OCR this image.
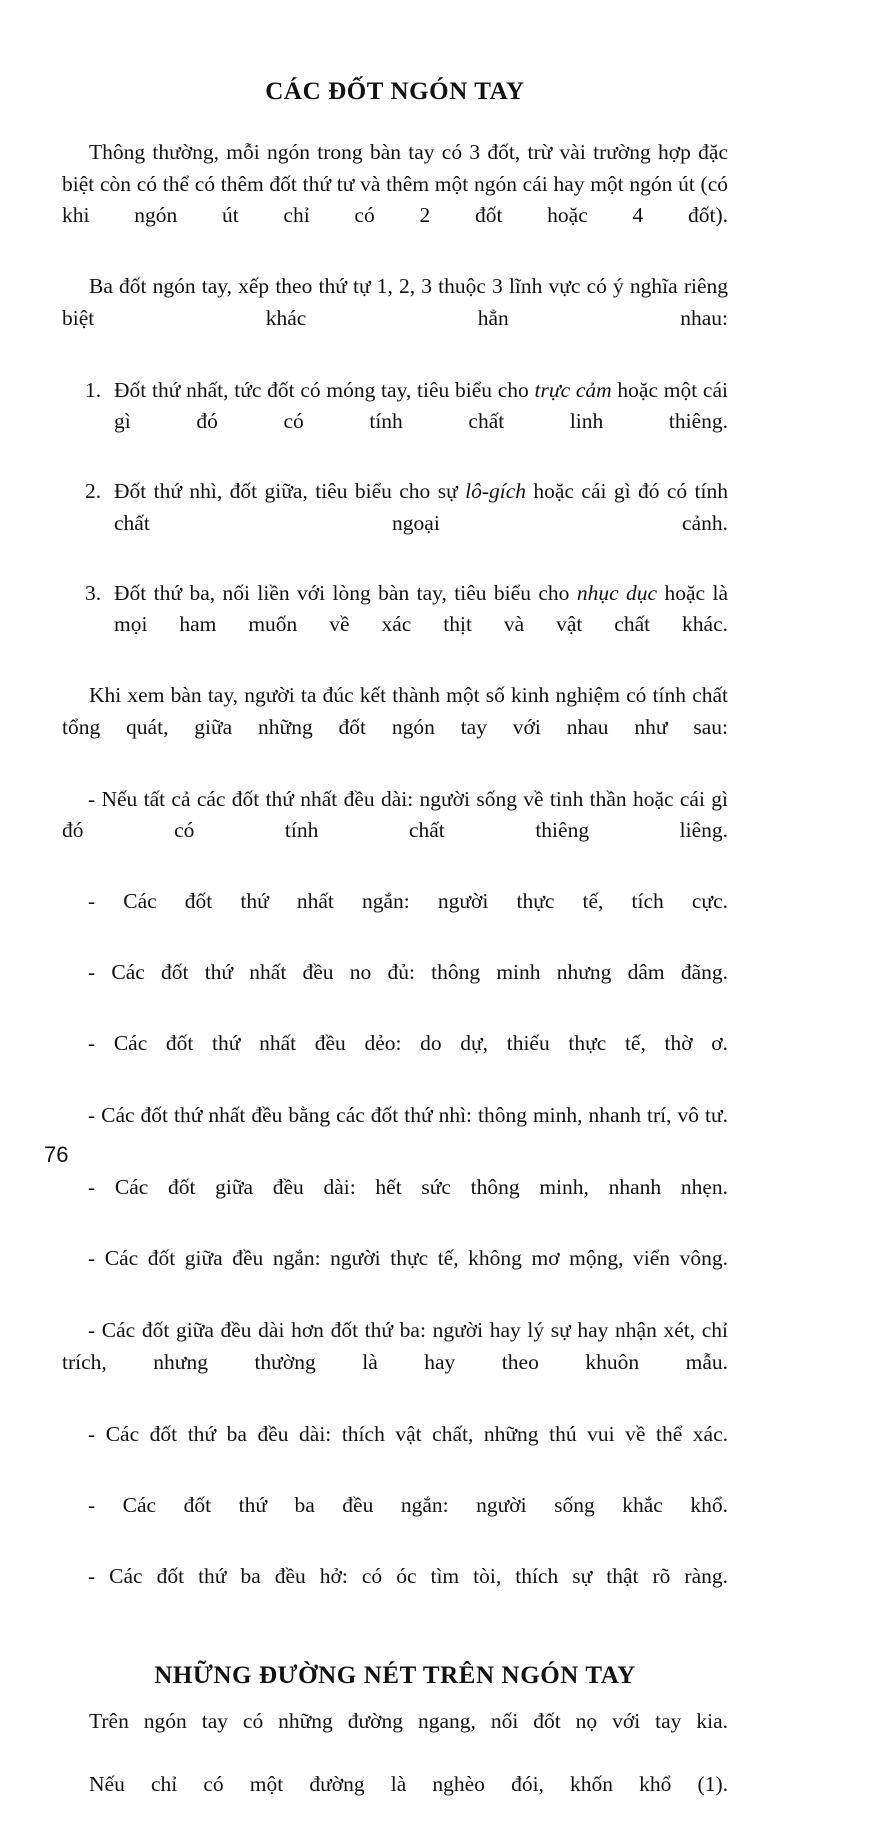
CÁC ĐỐT NGÓN TAY

Thông thường, mỗi ngón trong bàn tay có 3 đốt, trừ vài trường hợp đặc biệt còn có thể có thêm đốt thứ tư và thêm một ngón cái hay một ngón út (có khi ngón út chỉ có 2 đốt hoặc 4 đốt).

Ba đốt ngón tay, xếp theo thứ tự 1, 2, 3 thuộc 3 lĩnh vực có ý nghĩa riêng biệt khác hẳn nhau:

1. Đốt thứ nhất, tức đốt có móng tay, tiêu biểu cho trực cảm hoặc một cái gì đó có tính chất linh thiêng.
2. Đốt thứ nhì, đốt giữa, tiêu biểu cho sự lô-gích hoặc cái gì đó có tính chất ngoại cảnh.
3. Đốt thứ ba, nối liền với lòng bàn tay, tiêu biểu cho nhục dục hoặc là mọi ham muốn về xác thịt và vật chất khác.

Khi xem bàn tay, người ta đúc kết thành một số kinh nghiệm có tính chất tổng quát, giữa những đốt ngón tay với nhau như sau:

- Nếu tất cả các đốt thứ nhất đều dài: người sống về tinh thần hoặc cái gì đó có tính chất thiêng liêng.
- Các đốt thứ nhất ngắn: người thực tế, tích cực.
- Các đốt thứ nhất đều no đủ: thông minh nhưng dâm đãng.
- Các đốt thứ nhất đều dẻo: do dự, thiếu thực tế, thờ ơ.
- Các đốt thứ nhất đều bằng các đốt thứ nhì: thông minh, nhanh trí, vô tư.
- Các đốt giữa đều dài: hết sức thông minh, nhanh nhẹn.
- Các đốt giữa đều ngắn: người thực tế, không mơ mộng, viển vông.
- Các đốt giữa đều dài hơn đốt thứ ba: người hay lý sự hay nhận xét, chỉ trích, nhưng thường là hay theo khuôn mẫu.
- Các đốt thứ ba đều dài: thích vật chất, những thú vui về thể xác.
- Các đốt thứ ba đều ngắn: người sống khắc khổ.
- Các đốt thứ ba đều hở: có óc tìm tòi, thích sự thật rõ ràng.
NHỮNG ĐƯỜNG NÉT TRÊN NGÓN TAY

Trên ngón tay có những đường ngang, nối đốt nọ với tay kia.

Nếu chỉ có một đường là nghèo đói, khốn khổ (1).

76
